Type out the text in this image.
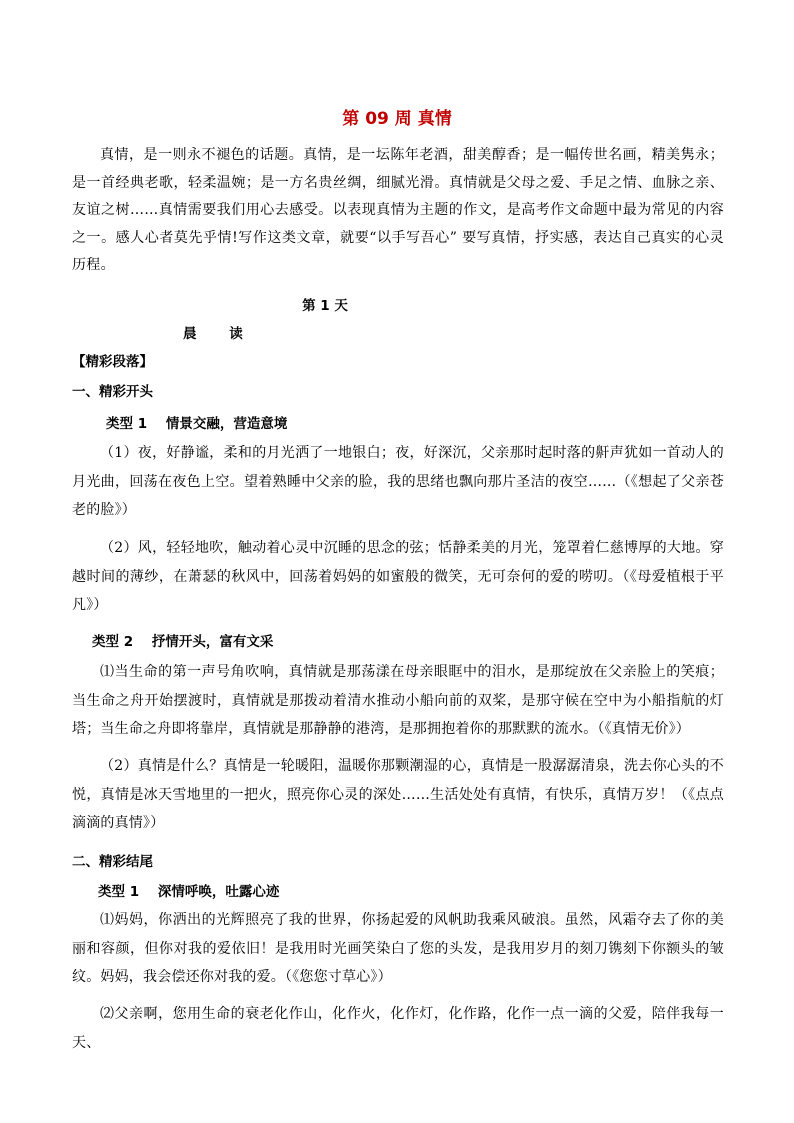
第 09 周 真情
真情，是一则永不褪色的话题。真情，是一坛陈年老酒，甜美醇香；是一幅传世名画，精美隽永；是一首经典老歌，轻柔温婉；是一方名贵丝绸，细腻光滑。真情就是父母之爱、手足之情、血脉之亲、友谊之树……真情需要我们用心去感受。以表现真情为主题的作文，是高考作文命题中最为常见的内容之一。感人心者莫先乎情!写作这类文章，就要“以手写吾心” 要写真情，抒实感，表达自己真实的心灵历程。
第 1 天
晨 读
【精彩段落】
一、精彩开头
类型 1    情景交融，营造意境
（1）夜，好静谧，柔和的月光洒了一地银白；夜，好深沉，父亲那时起时落的鼾声犹如一首动人的月光曲，回荡在夜色上空。望着熟睡中父亲的脸，我的思绪也飘向那片圣洁的夜空……（《想起了父亲苍老的脸》）
（2）风，轻轻地吹，触动着心灵中沉睡的思念的弦；恬静柔美的月光，笼罩着仁慈博厚的大地。穿越时间的薄纱，在萧瑟的秋风中，回荡着妈妈的如蜜般的微笑，无可奈何的爱的唠叨。（《母爱植根于平凡》）
类型 2    抒情开头，富有文采
⑴当生命的第一声号角吹响，真情就是那荡漾在母亲眼眶中的泪水，是那绽放在父亲脸上的笑痕；当生命之舟开始摆渡时，真情就是那拨动着清水推动小船向前的双桨，是那守候在空中为小船指航的灯塔；当生命之舟即将靠岸，真情就是那静静的港湾，是那拥抱着你的那默默的流水。（《真情无价》）
（2）真情是什么？真情是一轮暖阳，温暖你那颗潮湿的心，真情是一股潺潺清泉，洗去你心头的不悦，真情是冰天雪地里的一把火，照亮你心灵的深处……生活处处有真情，有快乐，真情万岁！（《点点滴滴的真情》）
二、精彩结尾
类型 1    深情呼唤，吐露心迹
⑴妈妈，你洒出的光辉照亮了我的世界，你扬起爱的风帆助我乘风破浪。虽然，风霜夺去了你的美丽和容颜，但你对我的爱依旧！是我用时光画笑染白了您的头发，是我用岁月的刻刀镌刻下你额头的皱纹。妈妈，我会偿还你对我的爱。（《您您寸草心》）
⑵父亲啊，您用生命的衰老化作山，化作火，化作灯，化作路，化作一点一滴的父爱，陪伴我每一天、
